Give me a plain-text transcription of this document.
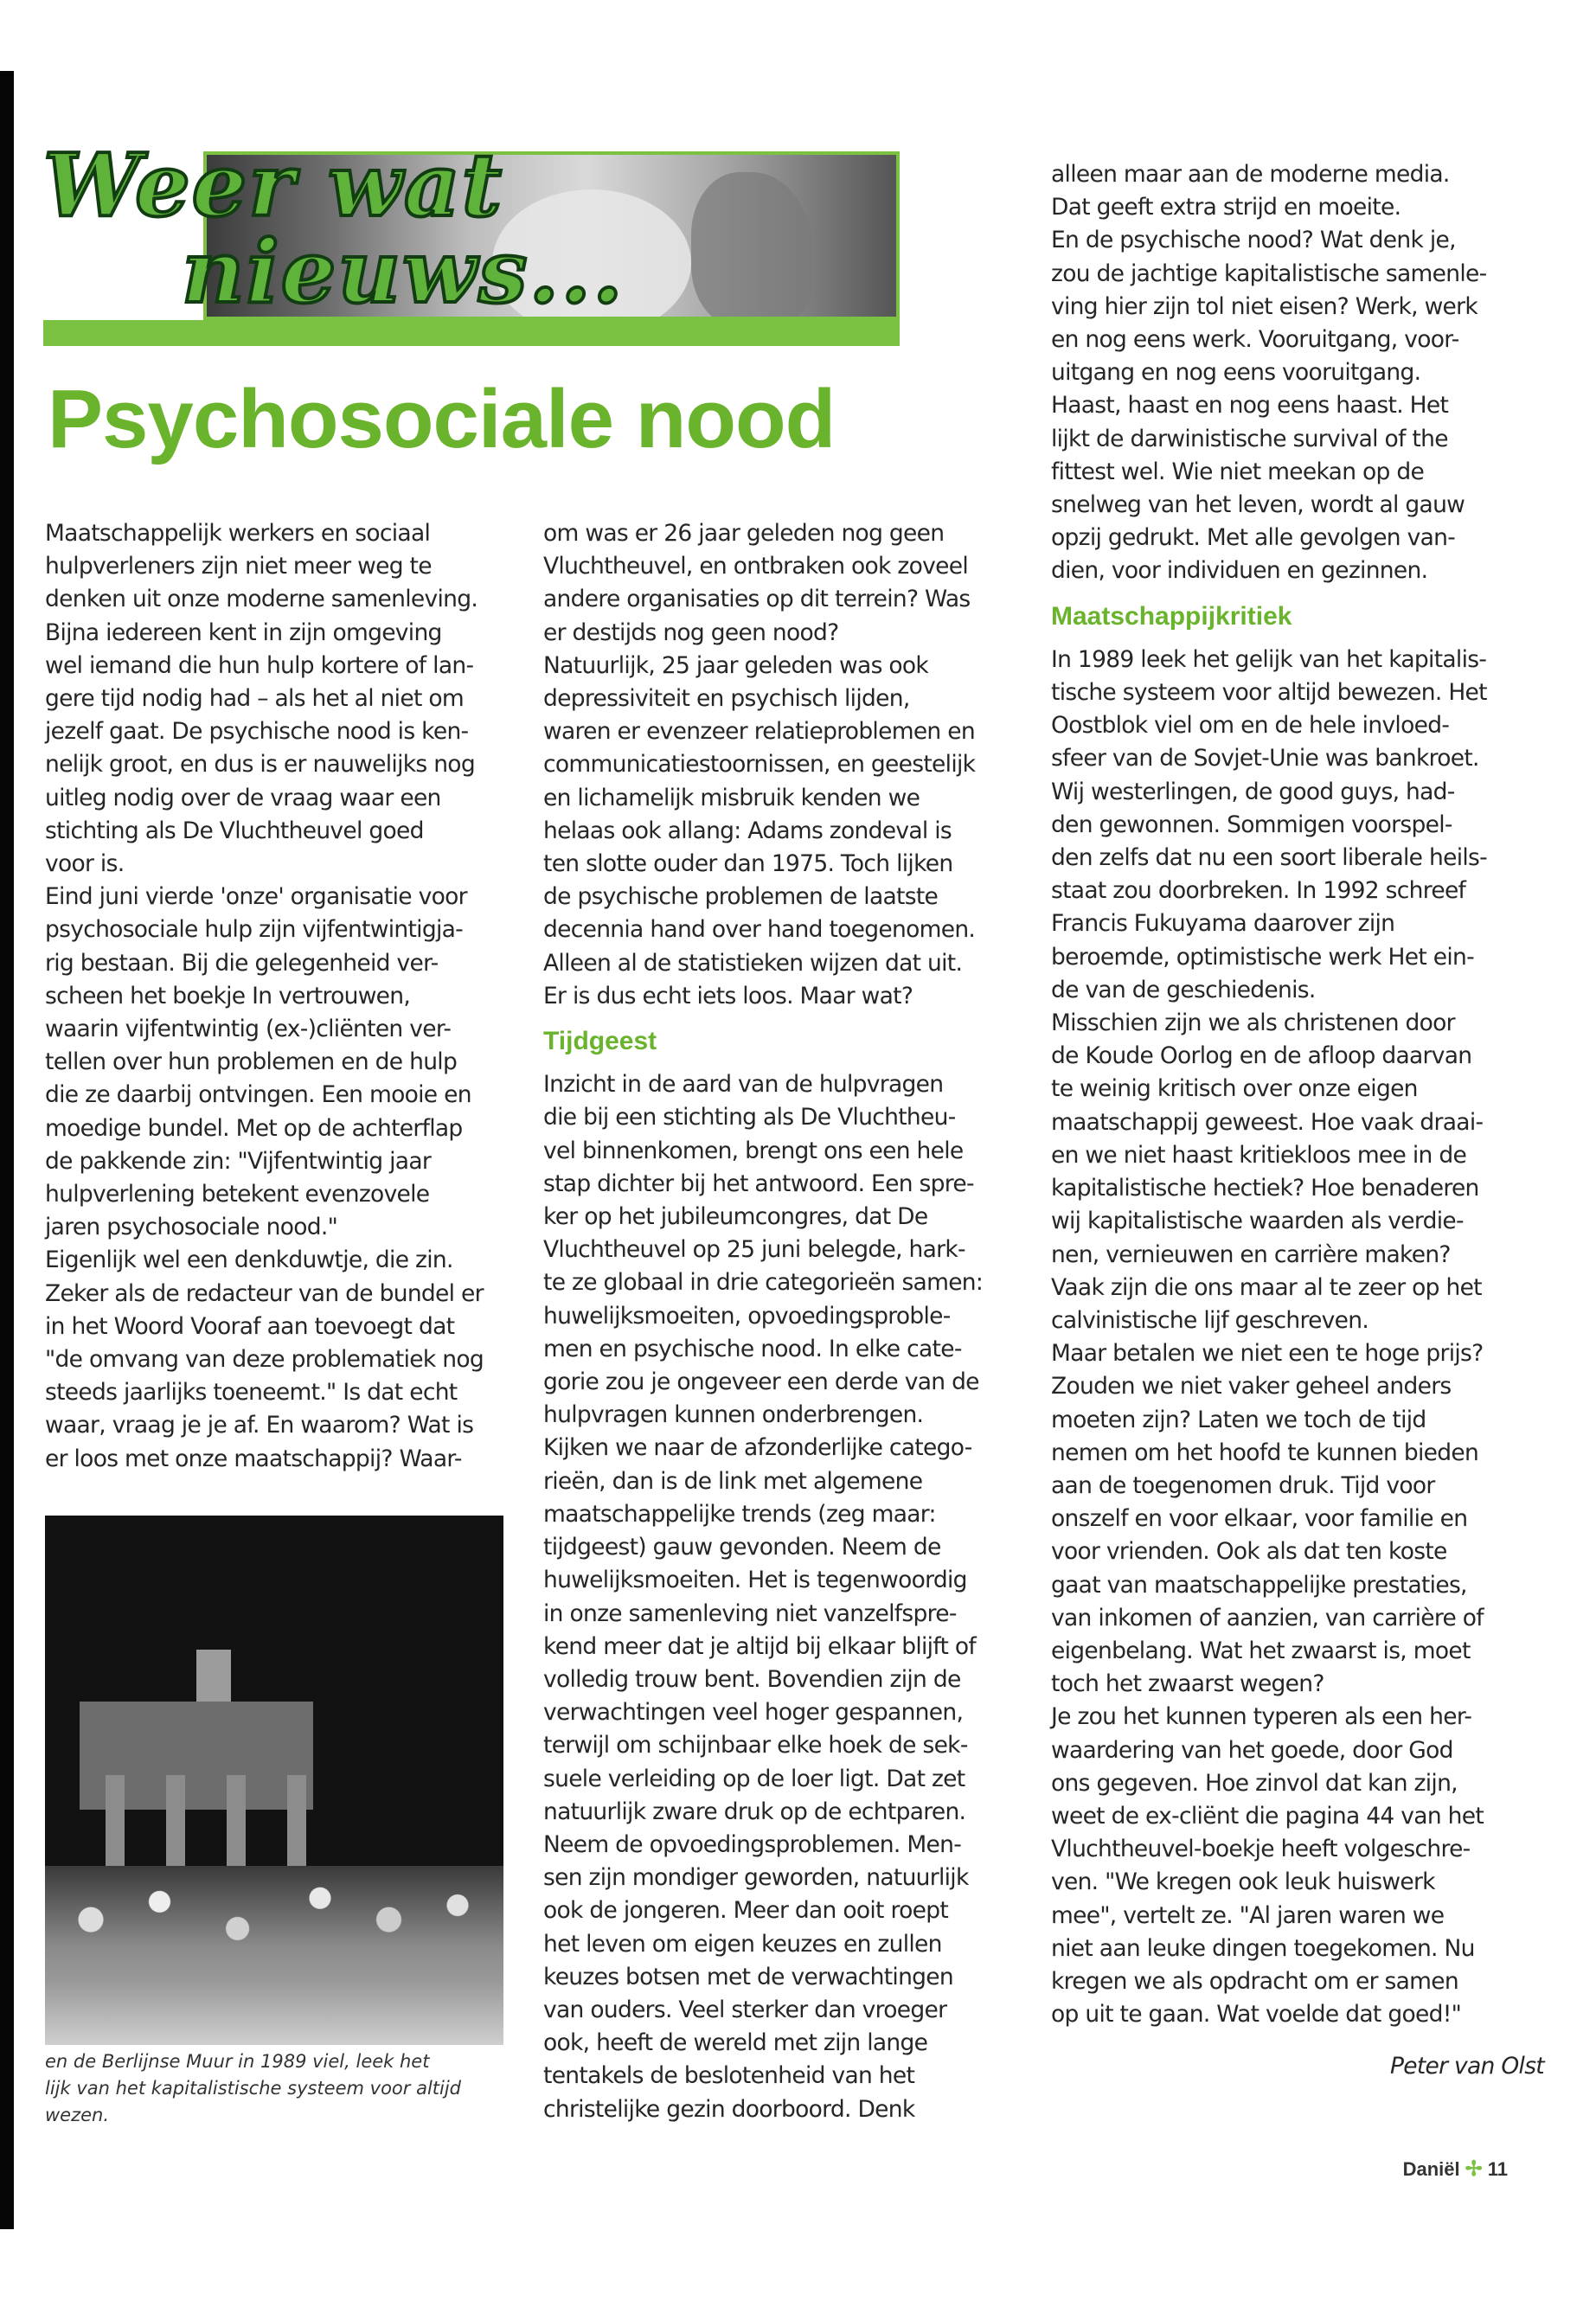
Weer wat
nieuws...
Psychosociale nood

Maatschappelijk werkers en sociaal

hulpverleners zijn niet meer weg te

denken uit onze moderne samenleving.

Bijna iedereen kent in zijn omgeving

wel iemand die hun hulp kortere of lan-

gere tijd nodig had – als het al niet om

jezelf gaat. De psychische nood is ken-

nelijk groot, en dus is er nauwelijks nog

uitleg nodig over de vraag waar een

stichting als De Vluchtheuvel goed

voor is.

Eind juni vierde 'onze' organisatie voor

psychosociale hulp zijn vijfentwintigja-

rig bestaan. Bij die gelegenheid ver-

scheen het boekje In vertrouwen,

waarin vijfentwintig (ex-)cliënten ver-

tellen over hun problemen en de hulp

die ze daarbij ontvingen. Een mooie en

moedige bundel. Met op de achterflap

de pakkende zin: "Vijfentwintig jaar

hulpverlening betekent evenzovele

jaren psychosociale nood."

Eigenlijk wel een denkduwtje, die zin.

Zeker als de redacteur van de bundel er

in het Woord Vooraf aan toevoegt dat

"de omvang van deze problematiek nog

steeds jaarlijks toeneemt." Is dat echt

waar, vraag je je af. En waarom? Wat is

er loos met onze maatschappij? Waar-

en de Berlijnse Muur in 1989 viel, leek het

lijk van het kapitalistische systeem voor altijd

wezen.

om was er 26 jaar geleden nog geen

Vluchtheuvel, en ontbraken ook zoveel

andere organisaties op dit terrein? Was

er destijds nog geen nood?

Natuurlijk, 25 jaar geleden was ook

depressiviteit en psychisch lijden,

waren er evenzeer relatieproblemen en

communicatiestoornissen, en geestelijk

en lichamelijk misbruik kenden we

helaas ook allang: Adams zondeval is

ten slotte ouder dan 1975. Toch lijken

de psychische problemen de laatste

decennia hand over hand toegenomen.

Alleen al de statistieken wijzen dat uit.

Er is dus echt iets loos. Maar wat?

Tijdgeest

Inzicht in de aard van de hulpvragen

die bij een stichting als De Vluchtheu-

vel binnenkomen, brengt ons een hele

stap dichter bij het antwoord. Een spre-

ker op het jubileumcongres, dat De

Vluchtheuvel op 25 juni belegde, hark-

te ze globaal in drie categorieën samen:

huwelijksmoeiten, opvoedingsproble-

men en psychische nood. In elke cate-

gorie zou je ongeveer een derde van de

hulpvragen kunnen onderbrengen.

Kijken we naar de afzonderlijke catego-

rieën, dan is de link met algemene

maatschappelijke trends (zeg maar:

tijdgeest) gauw gevonden. Neem de

huwelijksmoeiten. Het is tegenwoordig

in onze samenleving niet vanzelfspre-

kend meer dat je altijd bij elkaar blijft of

volledig trouw bent. Bovendien zijn de

verwachtingen veel hoger gespannen,

terwijl om schijnbaar elke hoek de sek-

suele verleiding op de loer ligt. Dat zet

natuurlijk zware druk op de echtparen.

Neem de opvoedingsproblemen. Men-

sen zijn mondiger geworden, natuurlijk

ook de jongeren. Meer dan ooit roept

het leven om eigen keuzes en zullen

keuzes botsen met de verwachtingen

van ouders. Veel sterker dan vroeger

ook, heeft de wereld met zijn lange

tentakels de beslotenheid van het

christelijke gezin doorboord. Denk

alleen maar aan de moderne media.

Dat geeft extra strijd en moeite.

En de psychische nood? Wat denk je,

zou de jachtige kapitalistische samenle-

ving hier zijn tol niet eisen? Werk, werk

en nog eens werk. Vooruitgang, voor-

uitgang en nog eens vooruitgang.

Haast, haast en nog eens haast. Het

lijkt de darwinistische survival of the

fittest wel. Wie niet meekan op de

snelweg van het leven, wordt al gauw

opzij gedrukt. Met alle gevolgen van-

dien, voor individuen en gezinnen.

Maatschappijkritiek

In 1989 leek het gelijk van het kapitalis-

tische systeem voor altijd bewezen. Het

Oostblok viel om en de hele invloed-

sfeer van de Sovjet-Unie was bankroet.

Wij westerlingen, de good guys, had-

den gewonnen. Sommigen voorspel-

den zelfs dat nu een soort liberale heils-

staat zou doorbreken. In 1992 schreef

Francis Fukuyama daarover zijn

beroemde, optimistische werk Het ein-

de van de geschiedenis.

Misschien zijn we als christenen door

de Koude Oorlog en de afloop daarvan

te weinig kritisch over onze eigen

maatschappij geweest. Hoe vaak draai-

en we niet haast kritiekloos mee in de

kapitalistische hectiek? Hoe benaderen

wij kapitalistische waarden als verdie-

nen, vernieuwen en carrière maken?

Vaak zijn die ons maar al te zeer op het

calvinistische lijf geschreven.

Maar betalen we niet een te hoge prijs?

Zouden we niet vaker geheel anders

moeten zijn? Laten we toch de tijd

nemen om het hoofd te kunnen bieden

aan de toegenomen druk. Tijd voor

onszelf en voor elkaar, voor familie en

voor vrienden. Ook als dat ten koste

gaat van maatschappelijke prestaties,

van inkomen of aanzien, van carrière of

eigenbelang. Wat het zwaarst is, moet

toch het zwaarst wegen?

Je zou het kunnen typeren als een her-

waardering van het goede, door God

ons gegeven. Hoe zinvol dat kan zijn,

weet de ex-cliënt die pagina 44 van het

Vluchtheuvel-boekje heeft volgeschre-

ven. "We kregen ook leuk huiswerk

mee", vertelt ze. "Al jaren waren we

niet aan leuke dingen toegekomen. Nu

kregen we als opdracht om er samen

op uit te gaan. Wat voelde dat goed!"

Peter van Olst
Daniël ✢ 11
